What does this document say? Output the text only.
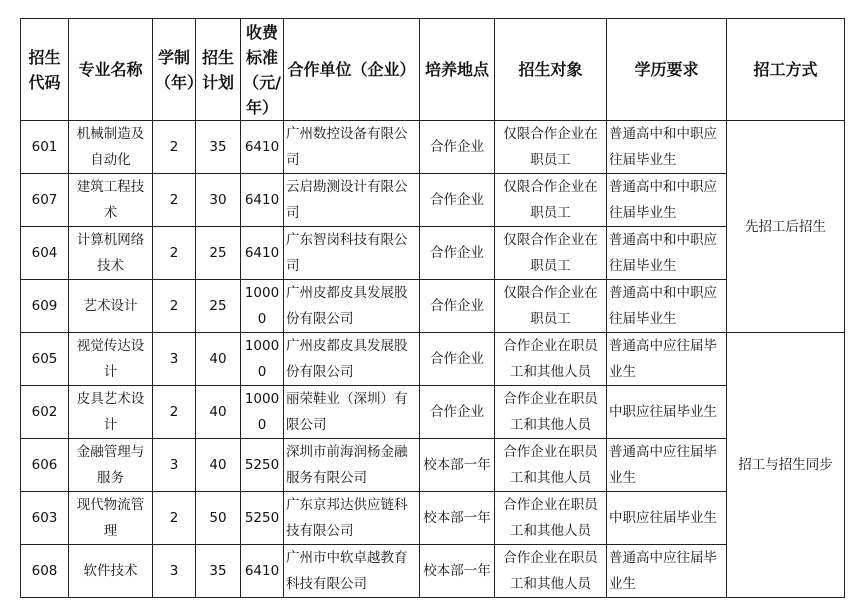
招生代码	专业名称	学制（年）	招生计划	收费标准（元/年）	合作单位（企业）	培养地点	招生对象	学历要求	招工方式
601	机械制造及自动化	2	35	6410	广州数控设备有限公司	合作企业	仅限合作企业在职员工	普通高中和中职应往届毕业生	先招工后招生
607	建筑工程技术	2	30	6410	云启勘测设计有限公司	合作企业	仅限合作企业在职员工	普通高中和中职应往届毕业生	
604	计算机网络技术	2	25	6410	广东智岗科技有限公司	合作企业	仅限合作企业在职员工	普通高中和中职应往届毕业生	
609	艺术设计	2	25	10000	广州皮都皮具发展股份有限公司	合作企业	仅限合作企业在职员工	普通高中和中职应往届毕业生	
605	视觉传达设计	3	40	10000	广州皮都皮具发展股份有限公司	合作企业	合作企业在职员工和其他人员	普通高中应往届毕业生	招工与招生同步
602	皮具艺术设计	2	40	10000	丽荣鞋业（深圳）有限公司	合作企业	合作企业在职员工和其他人员	中职应往届毕业生	
606	金融管理与服务	3	40	5250	深圳市前海润杨金融服务有限公司	校本部一年	合作企业在职员工和其他人员	普通高中应往届毕业生	
603	现代物流管理	2	50	5250	广东京邦达供应链科技有限公司	校本部一年	合作企业在职员工和其他人员	中职应往届毕业生	
608	软件技术	3	35	6410	广州市中软卓越教育科技有限公司	校本部一年	合作企业在职员工和其他人员	普通高中应往届毕业生	
